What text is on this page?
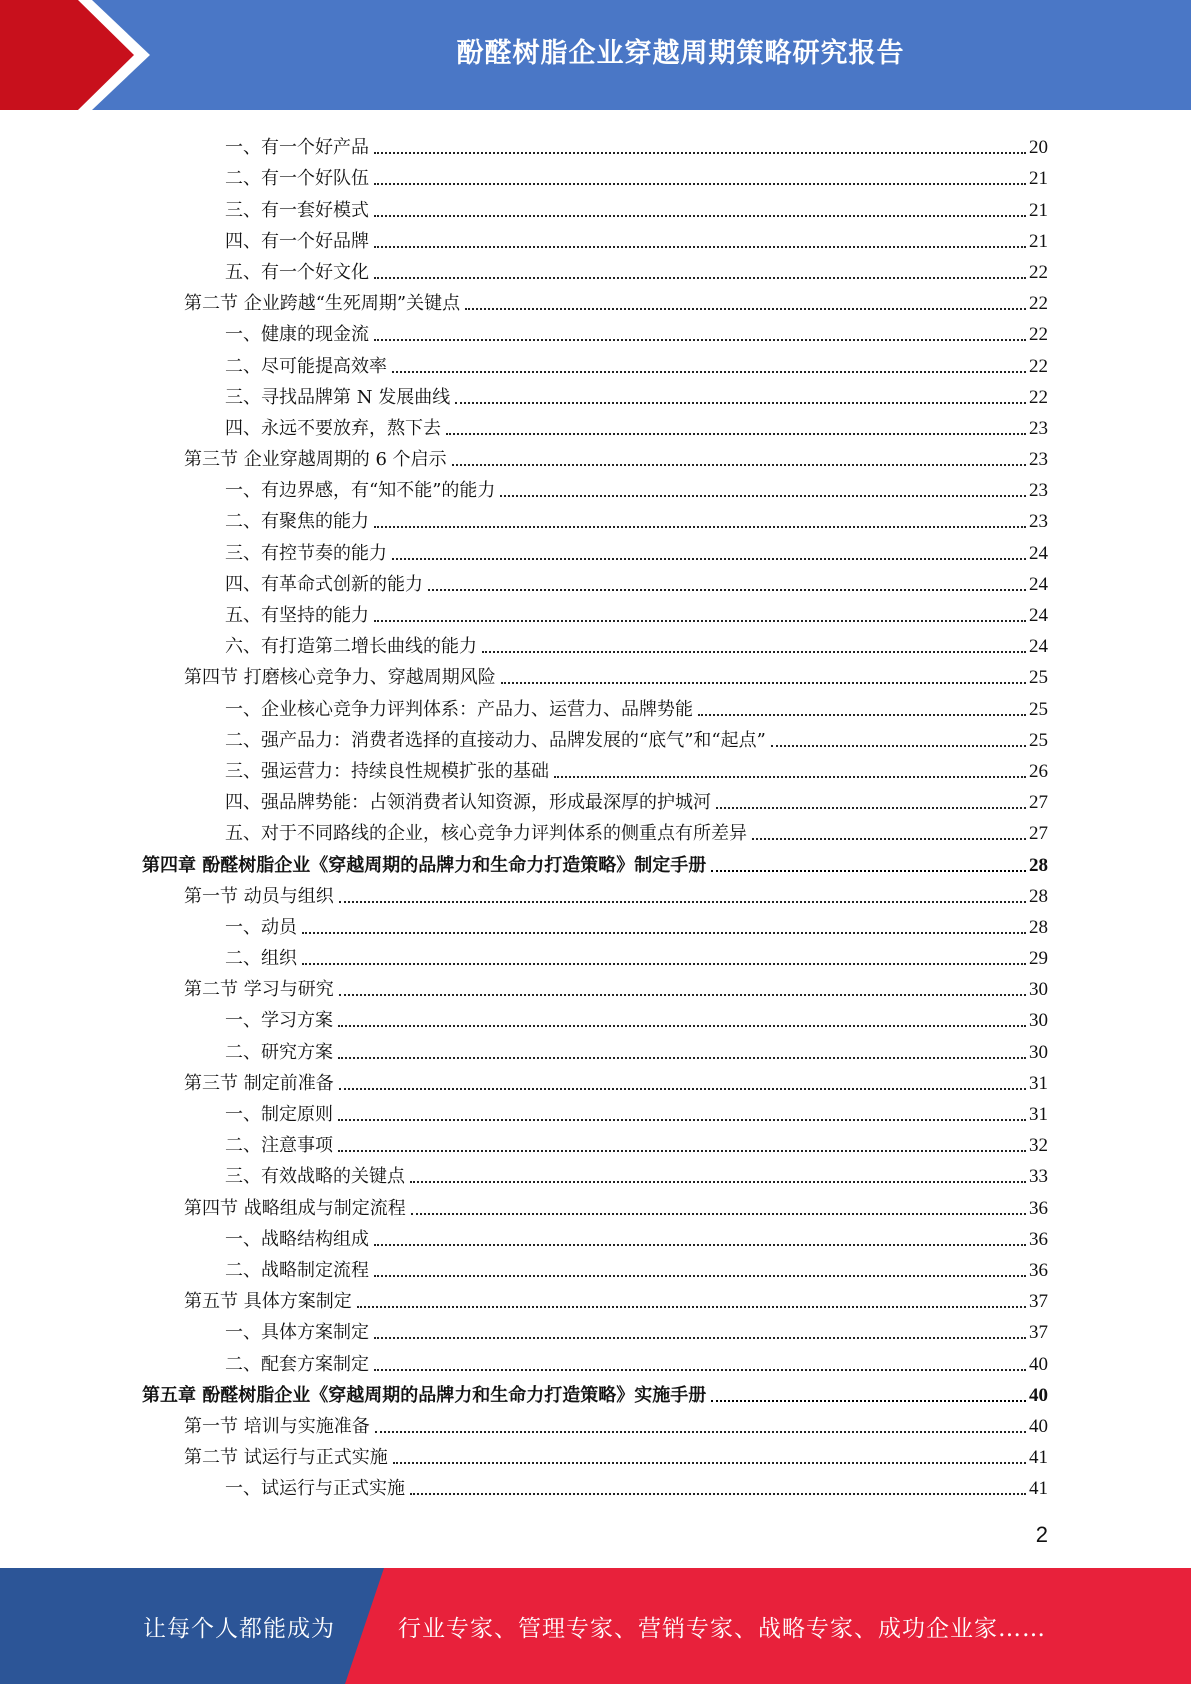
酚醛树脂企业穿越周期策略研究报告
一、有一个好产品	20
二、有一个好队伍	21
三、有一套好模式	21
四、有一个好品牌	21
五、有一个好文化	22
第二节 企业跨越“生死周期”关键点	22
一、健康的现金流	22
二、尽可能提高效率	22
三、寻找品牌第 N 发展曲线	22
四、永远不要放弃，熬下去	23
第三节 企业穿越周期的 6 个启示	23
一、有边界感，有“知不能”的能力	23
二、有聚焦的能力	23
三、有控节奏的能力	24
四、有革命式创新的能力	24
五、有坚持的能力	24
六、有打造第二增长曲线的能力	24
第四节 打磨核心竞争力、穿越周期风险	25
一、企业核心竞争力评判体系：产品力、运营力、品牌势能	25
二、强产品力：消费者选择的直接动力、品牌发展的“底气”和“起点”	25
三、强运营力：持续良性规模扩张的基础	26
四、强品牌势能：占领消费者认知资源，形成最深厚的护城河	27
五、对于不同路线的企业，核心竞争力评判体系的侧重点有所差异	27
第四章 酚醛树脂企业《穿越周期的品牌力和生命力打造策略》制定手册	28
第一节 动员与组织	28
一、动员	28
二、组织	29
第二节 学习与研究	30
一、学习方案	30
二、研究方案	30
第三节 制定前准备	31
一、制定原则	31
二、注意事项	32
三、有效战略的关键点	33
第四节 战略组成与制定流程	36
一、战略结构组成	36
二、战略制定流程	36
第五节 具体方案制定	37
一、具体方案制定	37
二、配套方案制定	40
第五章 酚醛树脂企业《穿越周期的品牌力和生命力打造策略》实施手册	40
第一节 培训与实施准备	40
第二节 试运行与正式实施	41
一、试运行与正式实施	41
2
让每个人都能成为	行业专家、管理专家、营销专家、战略专家、成功企业家……
